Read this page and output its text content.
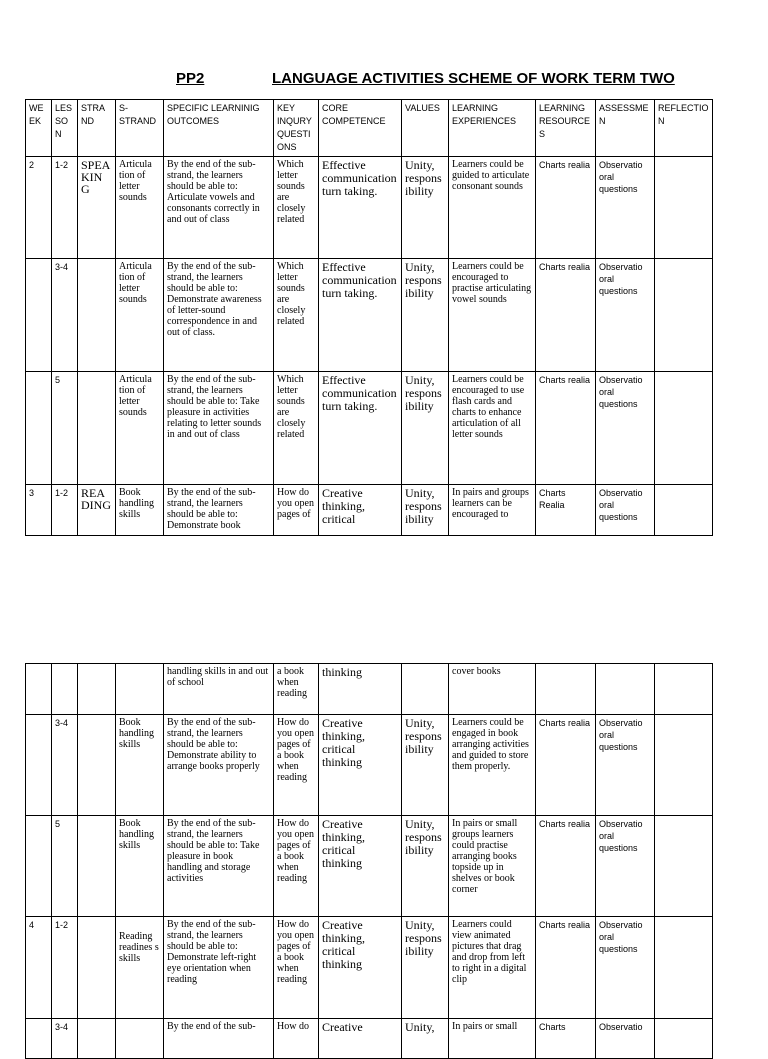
PP2	LANGUAGE ACTIVITIES SCHEME OF WORK TERM TWO
WE EK	LES SO N	STRA ND	S-STRAND	SPECIFIC LEARNINIG OUTCOMES	KEY INQURY QUESTI ONS	CORE COMPETENCE	VALUES	LEARNING EXPERIENCES	LEARNING RESOURCE S	ASSESSME N	REFLECTIO N
2	1-2	SPEA KIN G	Articula tion of letter sounds	By the end of the sub-strand, the learners should be able to: Articulate vowels and consonants correctly in and out of class	Which letter sounds are closely related	Effective communication turn taking.	Unity, respons ibility	Learners could be guided to articulate consonant sounds	Charts realia	Observatio oral questions	
	3-4		Articula tion of letter sounds	By the end of the sub-strand, the learners should be able to: Demonstrate awareness of letter-sound correspondence in and out of class.	Which letter sounds are closely related	Effective communication turn taking.	Unity, respons ibility	Learners could be encouraged to practise articulating vowel sounds	Charts realia	Observatio oral questions	
	5		Articula tion of letter sounds	By the end of the sub-strand, the learners should be able to: Take pleasure in activities relating to letter sounds in and out of class	Which letter sounds are closely related	Effective communication turn taking.	Unity, respons ibility	Learners could be encouraged to use flash cards and charts to enhance articulation of all letter sounds	Charts realia	Observatio oral questions	
3	1-2	REA DING	Book handling skills	By the end of the sub-strand, the learners should be able to: Demonstrate book	How do you open pages of	Creative thinking, critical	Unity, respons ibility	In pairs and groups learners can be encouraged to	Charts Realia	Observatio oral questions	
				handling skills in and out of school	a book when reading	thinking		cover books			
	3-4		Book handling skills	By the end of the sub-strand, the learners should be able to: Demonstrate ability to arrange books properly	How do you open pages of a book when reading	Creative thinking, critical thinking	Unity, respons ibility	Learners could be engaged in book arranging activities and guided to store them properly.	Charts realia	Observatio oral questions	
	5		Book handling skills	By the end of the sub-strand, the learners should be able to: Take pleasure in book handling and storage activities	How do you open pages of a book when reading	Creative thinking, critical thinking	Unity, respons ibility	In pairs or small groups learners could practise arranging books topside up in shelves or book corner	Charts realia	Observatio oral questions	
4	1-2		Reading readines s skills	By the end of the sub-strand, the learners should be able to: Demonstrate left-right eye orientation when reading	How do you open pages of a book when reading	Creative thinking, critical thinking	Unity, respons ibility	Learners could view animated pictures that drag and drop from left to right in a digital clip	Charts realia	Observatio oral questions	
	3-4			By the end of the sub-	How do	Creative	Unity,	In pairs or small	Charts	Observatio	
